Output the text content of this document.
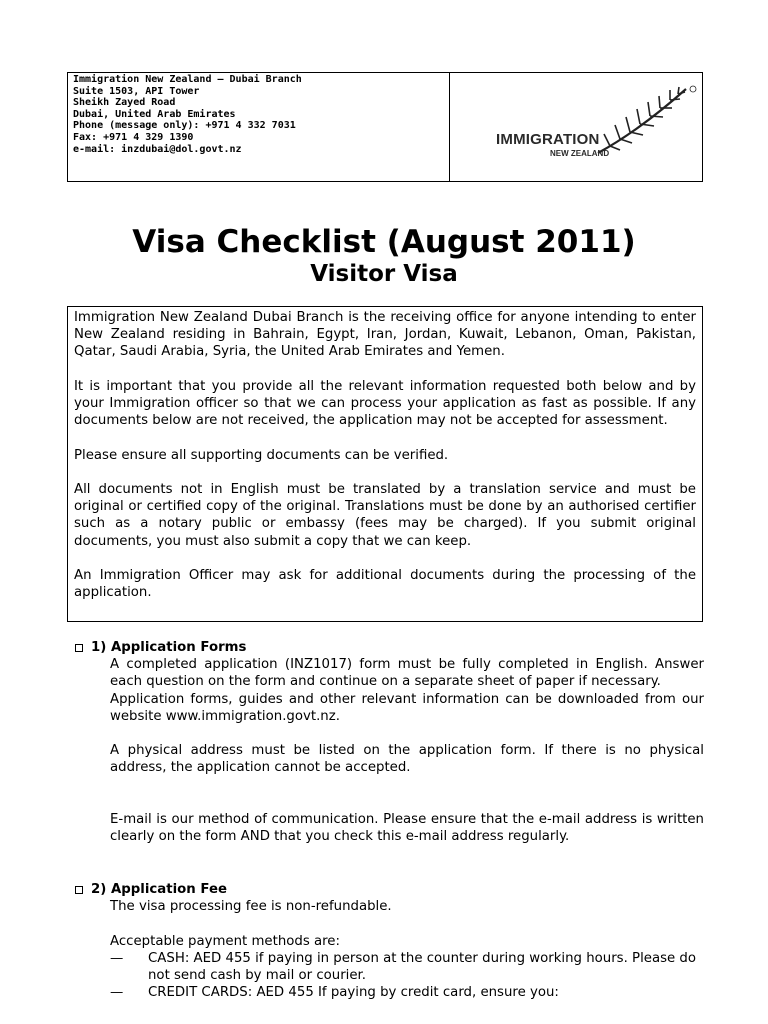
Immigration New Zealand – Dubai Branch
Suite 1503, API Tower
Sheikh Zayed Road
Dubai, United Arab Emirates
Phone (message only): +971 4 332 7031
Fax: +971 4 329 1390
e-mail: inzdubai@dol.govt.nz
IMMIGRATION
NEW ZEALAND
Visa Checklist (August 2011)
Visitor Visa

Immigration New Zealand Dubai Branch is the receiving office for anyone intending to enter New Zealand residing in Bahrain, Egypt, Iran, Jordan, Kuwait, Lebanon, Oman, Pakistan, Qatar, Saudi Arabia, Syria, the United Arab Emirates and Yemen.

It is important that you provide all the relevant information requested both below and by your Immigration officer so that we can process your application as fast as possible. If any documents below are not received, the application may not be accepted for assessment.

Please ensure all supporting documents can be verified.

All documents not in English must be translated by a translation service and must be original or certified copy of the original. Translations must be done by an authorised certifier such as a notary public or embassy (fees may be charged). If you submit original documents, you must also submit a copy that we can keep.

An Immigration Officer may ask for additional documents during the processing of the application.

1) Application Forms

A completed application (INZ1017) form must be fully completed in English. Answer each question on the form and continue on a separate sheet of paper if necessary.

Application forms, guides and other relevant information can be downloaded from our website www.immigration.govt.nz.

A physical address must be listed on the application form. If there is no physical address, the application cannot be accepted.

E-mail is our method of communication. Please ensure that the e-mail address is written clearly on the form AND that you check this e-mail address regularly.

2) Application Fee

The visa processing fee is non-refundable.

Acceptable payment methods are:

—	CASH: AED 455 if paying in person at the counter during working hours. Please do not send cash by mail or courier.
—	CREDIT CARDS: AED 455 If paying by credit card, ensure you:
